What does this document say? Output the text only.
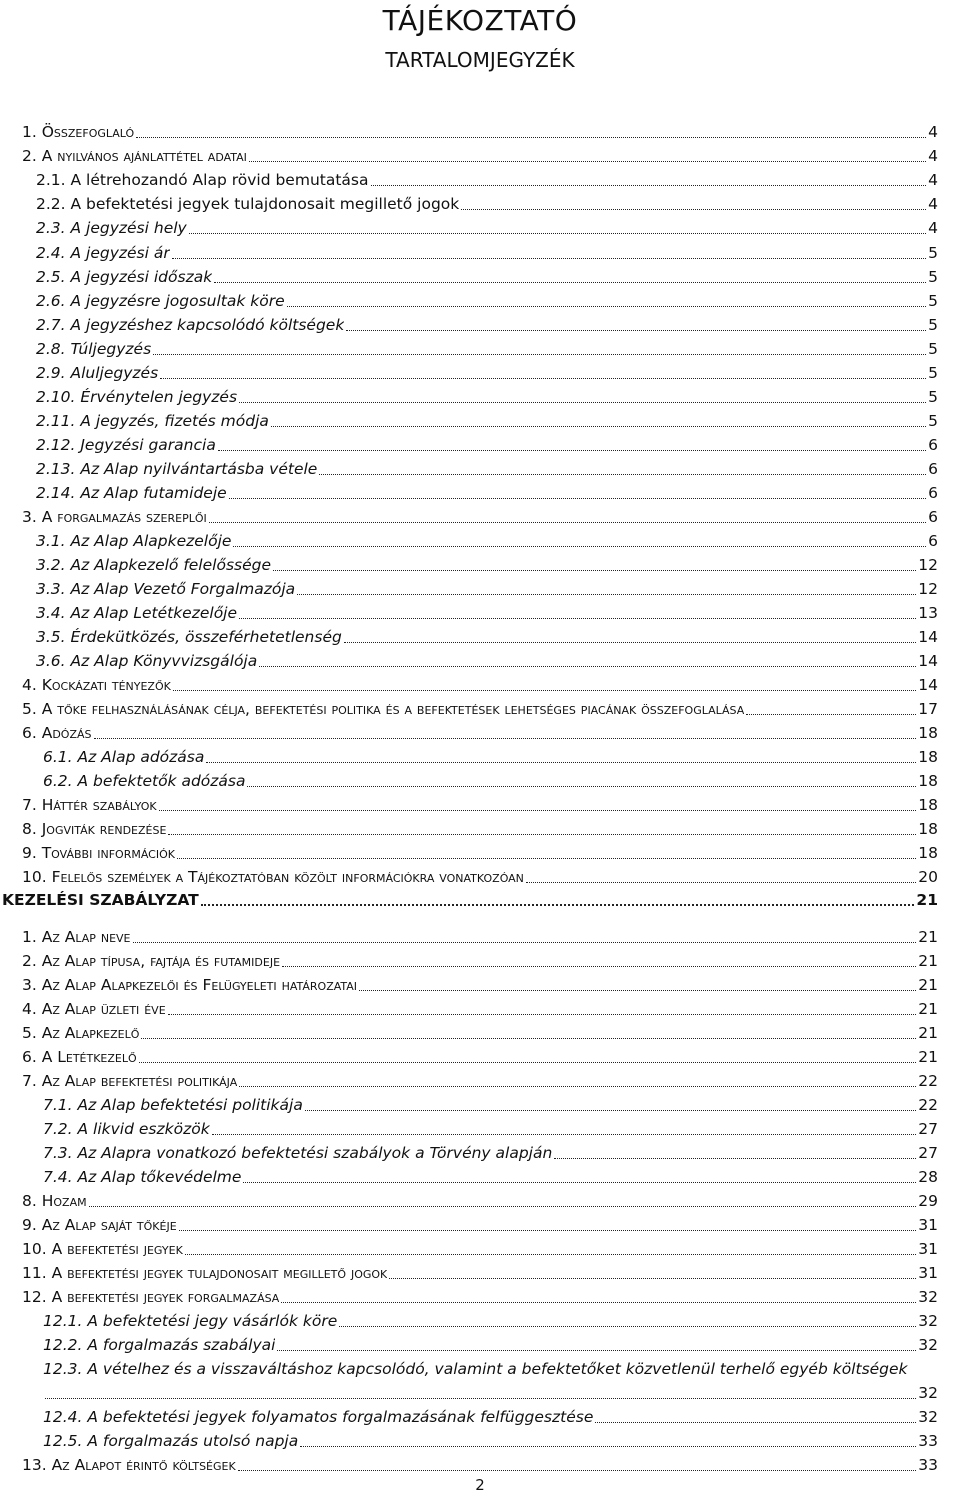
TÁJÉKOZTATÓ
TARTALOMJEGYZÉK
1. Összefoglaló	4
2. A nyilvános ajánlattétel adatai	4
2.1. A létrehozandó Alap rövid bemutatása	4
2.2. A befektetési jegyek tulajdonosait megillető jogok	4
2.3. A jegyzési hely	4
2.4. A jegyzési ár	5
2.5. A jegyzési időszak	5
2.6. A jegyzésre jogosultak köre	5
2.7. A jegyzéshez kapcsolódó költségek	5
2.8. Túljegyzés	5
2.9. Aluljegyzés	5
2.10. Érvénytelen jegyzés	5
2.11. A jegyzés, fizetés módja	5
2.12. Jegyzési garancia	6
2.13. Az Alap nyilvántartásba vétele	6
2.14. Az Alap futamideje	6
3. A forgalmazás szereplői	6
3.1. Az Alap Alapkezelője	6
3.2. Az Alapkezelő felelőssége	12
3.3. Az Alap Vezető Forgalmazója	12
3.4. Az Alap Letétkezelője	13
3.5. Érdekütközés, összeférhetetlenség	14
3.6. Az Alap Könyvvizsgálója	14
4. Kockázati tényezők	14
5. A tőke felhasználásának célja, befektetési politika és a befektetések lehetséges piacának összefoglalása	17
6. Adózás	18
6.1. Az Alap adózása	18
6.2. A befektetők adózása	18
7. Háttér szabályok	18
8. Jogviták rendezése	18
9. További információk	18
10. Felelős személyek a Tájékoztatóban közölt információkra vonatkozóan	20
KEZELÉSI SZABÁLYZAT	21
1. Az Alap neve	21
2. Az Alap típusa, fajtája és futamideje	21
3. Az Alap Alapkezelői és Felügyeleti határozatai	21
4. Az Alap üzleti éve	21
5. Az Alapkezelő	21
6. A Letétkezelő	21
7. Az Alap befektetési politikája	22
7.1. Az Alap befektetési politikája	22
7.2. A likvid eszközök	27
7.3. Az Alapra vonatkozó befektetési szabályok a Törvény alapján	27
7.4. Az Alap tőkevédelme	28
8. Hozam	29
9. Az Alap saját tőkéje	31
10. A befektetési jegyek	31
11. A befektetési jegyek tulajdonosait megillető jogok	31
12. A befektetési jegyek forgalmazása	32
12.1. A befektetési jegy vásárlók köre	32
12.2. A forgalmazás szabályai	32
12.3. A vételhez és a visszaváltáshoz kapcsolódó, valamint a befektetőket közvetlenül terhelő egyéb költségek
32
12.4. A befektetési jegyek folyamatos forgalmazásának felfüggesztése	32
12.5. A forgalmazás utolsó napja	33
13. Az Alapot érintő költségek	33
2
